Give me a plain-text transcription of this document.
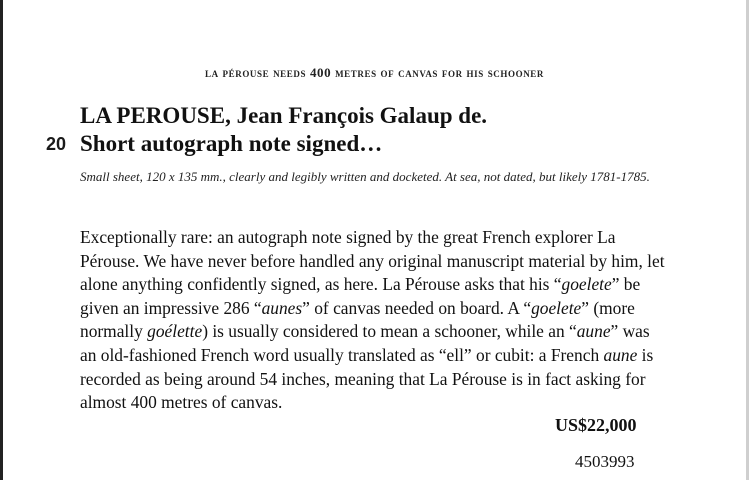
la pérouse needs 400 metres of canvas for his schooner
20
LA PEROUSE, Jean François Galaup de.
Short autograph note signed…
Small sheet, 120 x 135 mm., clearly and legibly written and docketed. At sea, not dated, but likely 1781-1785.

Exceptionally rare: an autograph note signed by the great French explorer La Pérouse. We have never before handled any original manuscript material by him, let alone anything confidently signed, as here. La Pérouse asks that his “goelete” be given an impressive 286 “aunes” of canvas needed on board. A “goelete” (more normally goélette) is usually considered to mean a schooner, while an “aune” was an old-fashioned French word usually translated as “ell” or cubit: a French aune is recorded as being around 54 inches, meaning that La Pérouse is in fact asking for almost 400 metres of canvas.

US$22,000
4503993
